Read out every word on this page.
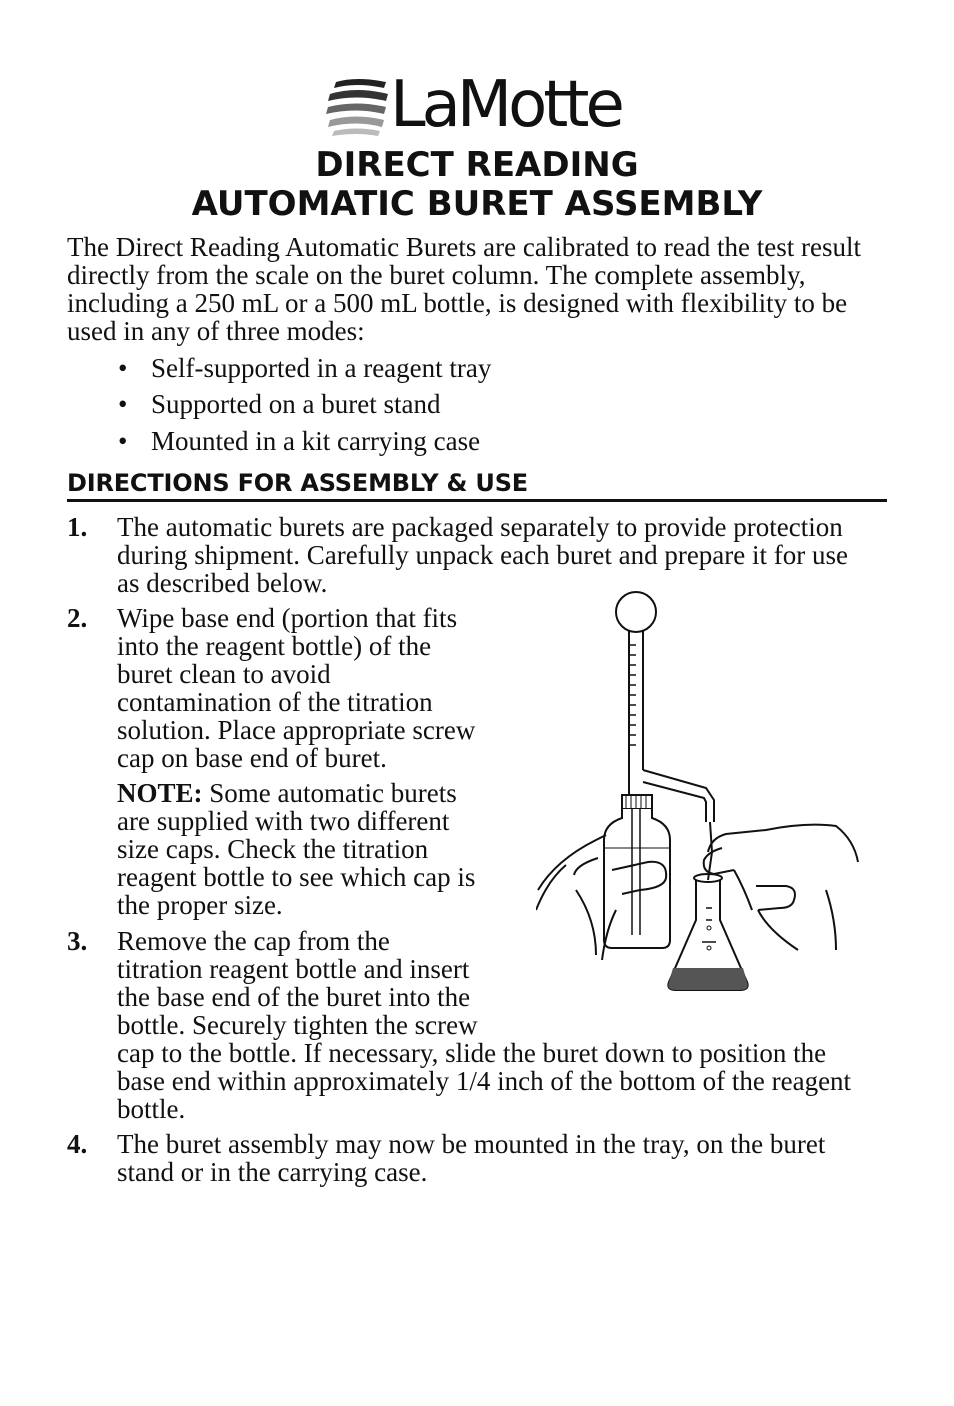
LaMotte
DIRECT READING
AUTOMATIC BURET ASSEMBLY
The Direct Reading Automatic Burets are calibrated to read the test result
directly from the scale on the buret column. The complete assembly,
including a 250 mL or a 500 mL bottle, is designed with flexibility to be
used in any of three modes:
• Self-supported in a reagent tray
• Supported on a buret stand
• Mounted in a kit carrying case
DIRECTIONS FOR ASSEMBLY & USE
1. The automatic burets are packaged separately to provide protection
during shipment. Carefully unpack each buret and prepare it for use
as described below.
2. Wipe base end (portion that fits
into the reagent bottle) of the
buret clean to avoid
contamination of the titration
solution. Place appropriate screw
cap on base end of buret.
NOTE: Some automatic burets
are supplied with two different
size caps. Check the titration
reagent bottle to see which cap is
the proper size.
3. Remove the cap from the
titration reagent bottle and insert
the base end of the buret into the
bottle. Securely tighten the screw
cap to the bottle. If necessary, slide the buret down to position the
base end within approximately 1/4 inch of the bottom of the reagent
bottle.
4. The buret assembly may now be mounted in the tray, on the buret
stand or in the carrying case.
